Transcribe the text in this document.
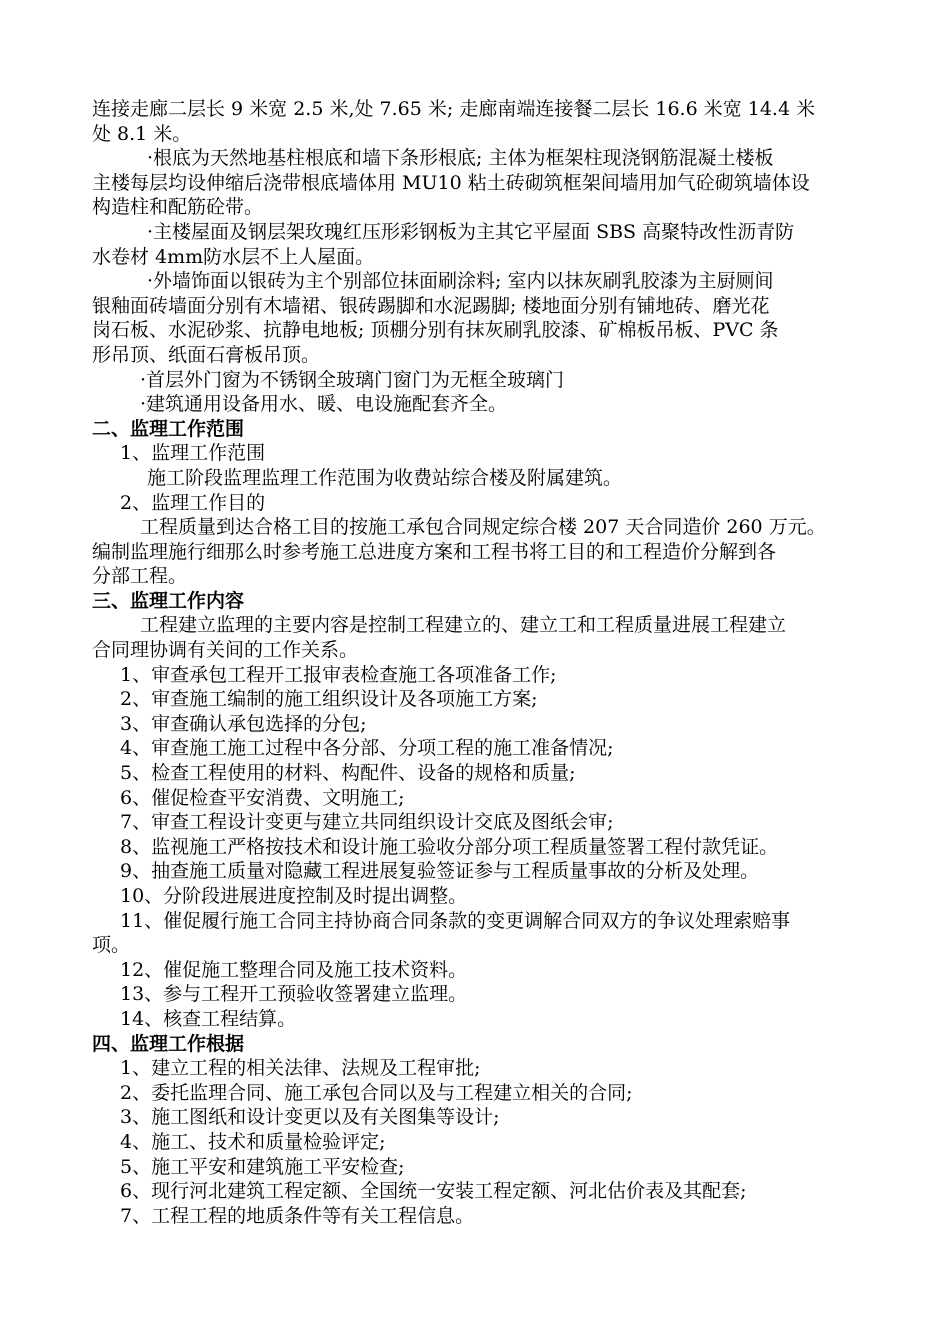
连接走廊二层长 9 米宽 2.5 米,处 7.65 米; 走廊南端连接餐二层长 16.6 米宽 14.4 米
处 8.1 米。
·根底为天然地基柱根底和墙下条形根底; 主体为框架柱现浇钢筋混凝土楼板
主楼每层均设伸缩后浇带根底墙体用 MU10 粘土砖砌筑框架间墙用加气砼砌筑墙体设
构造柱和配筋砼带。
·主楼屋面及钢层架玫瑰红压形彩钢板为主其它平屋面 SBS 高聚特改性沥青防
水卷材 4mm防水层不上人屋面。
·外墙饰面以银砖为主个别部位抹面刷涂料; 室内以抹灰刷乳胶漆为主厨厕间
银釉面砖墙面分别有木墙裙、银砖踢脚和水泥踢脚; 楼地面分别有铺地砖、磨光花
岗石板、水泥砂浆、抗静电地板; 顶棚分别有抹灰刷乳胶漆、矿棉板吊板、PVC 条
形吊顶、纸面石膏板吊顶。
·首层外门窗为不锈钢全玻璃门窗门为无框全玻璃门
·建筑通用设备用水、暖、电设施配套齐全。
二、监理工作范围
1、监理工作范围
施工阶段监理监理工作范围为收费站综合楼及附属建筑。
2、监理工作目的
工程质量到达合格工目的按施工承包合同规定综合楼 207 天合同造价 260 万元。
编制监理施行细那么时参考施工总进度方案和工程书将工目的和工程造价分解到各
分部工程。
三、监理工作内容
工程建立监理的主要内容是控制工程建立的、建立工和工程质量进展工程建立
合同理协调有关间的工作关系。
1、审查承包工程开工报审表检查施工各项准备工作;
2、审查施工编制的施工组织设计及各项施工方案;
3、审查确认承包选择的分包;
4、审查施工施工过程中各分部、分项工程的施工准备情况;
5、检查工程使用的材料、构配件、设备的规格和质量;
6、催促检查平安消费、文明施工;
7、审查工程设计变更与建立共同组织设计交底及图纸会审;
8、监视施工严格按技术和设计施工验收分部分项工程质量签署工程付款凭证。
9、抽查施工质量对隐藏工程进展复验签证参与工程质量事故的分析及处理。
10、分阶段进展进度控制及时提出调整。
11、催促履行施工合同主持协商合同条款的变更调解合同双方的争议处理索赔事
项。
12、催促施工整理合同及施工技术资料。
13、参与工程开工预验收签署建立监理。
14、核查工程结算。
四、监理工作根据
1、建立工程的相关法律、法规及工程审批;
2、委托监理合同、施工承包合同以及与工程建立相关的合同;
3、施工图纸和设计变更以及有关图集等设计;
4、施工、技术和质量检验评定;
5、施工平安和建筑施工平安检查;
6、现行河北建筑工程定额、全国统一安装工程定额、河北估价表及其配套;
7、工程工程的地质条件等有关工程信息。
